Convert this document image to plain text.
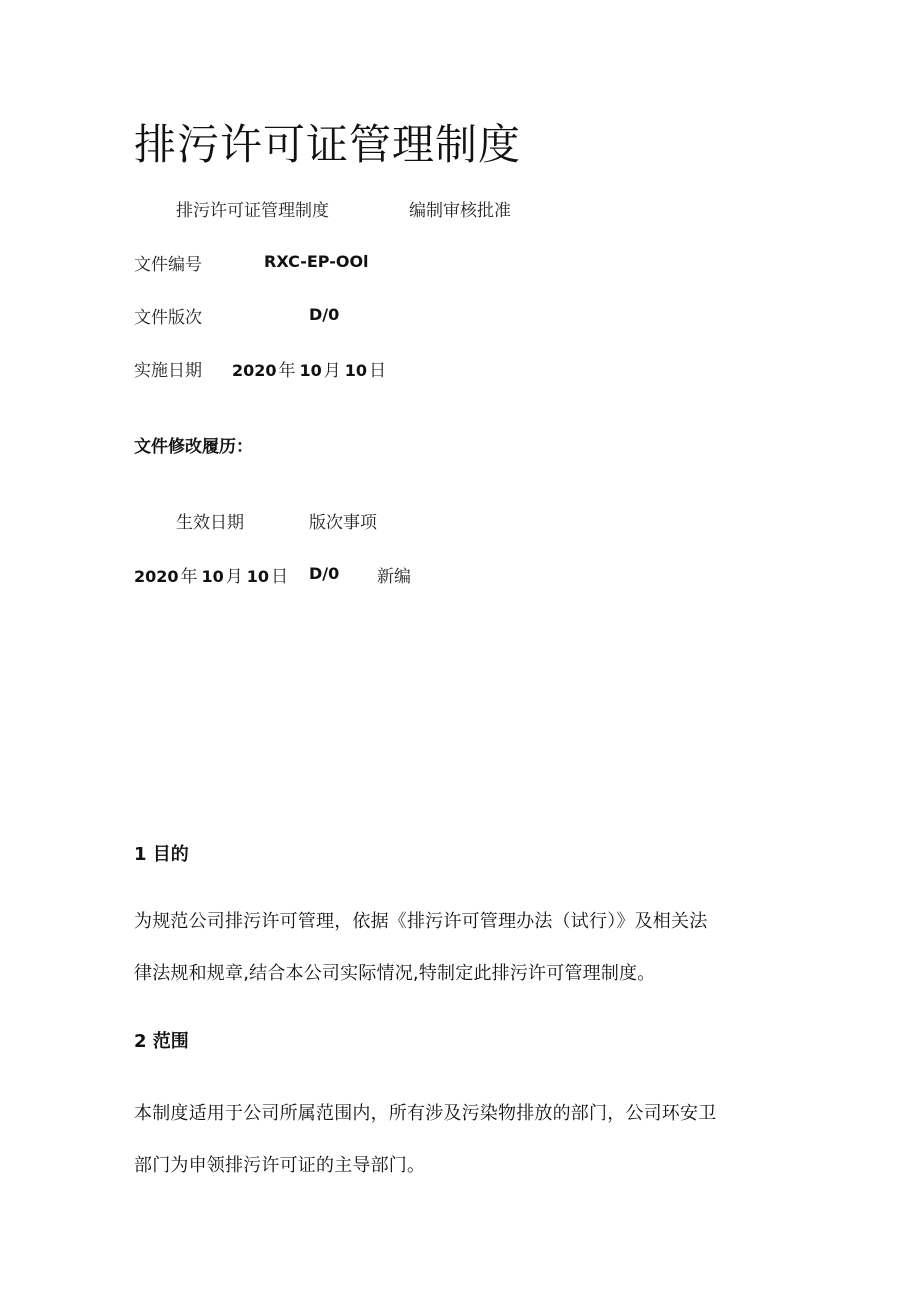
排污许可证管理制度
排污许可证管理制度	编制审核批准
文件编号	RXC-EP-OOl
文件版次	D/0
实施日期 2020 年 10 月 10 日
文件修改履历：
生效日期	版次事项
2020 年 10 月 10 日 D/0 新编
1 目的
为规范公司排污许可管理，依据《排污许可管理办法（试行）》及相关法
律法规和规章,结合本公司实际情况,特制定此排污许可管理制度。
2 范围
本制度适用于公司所属范围内，所有涉及污染物排放的部门，公司环安卫
部门为申领排污许可证的主导部门。
